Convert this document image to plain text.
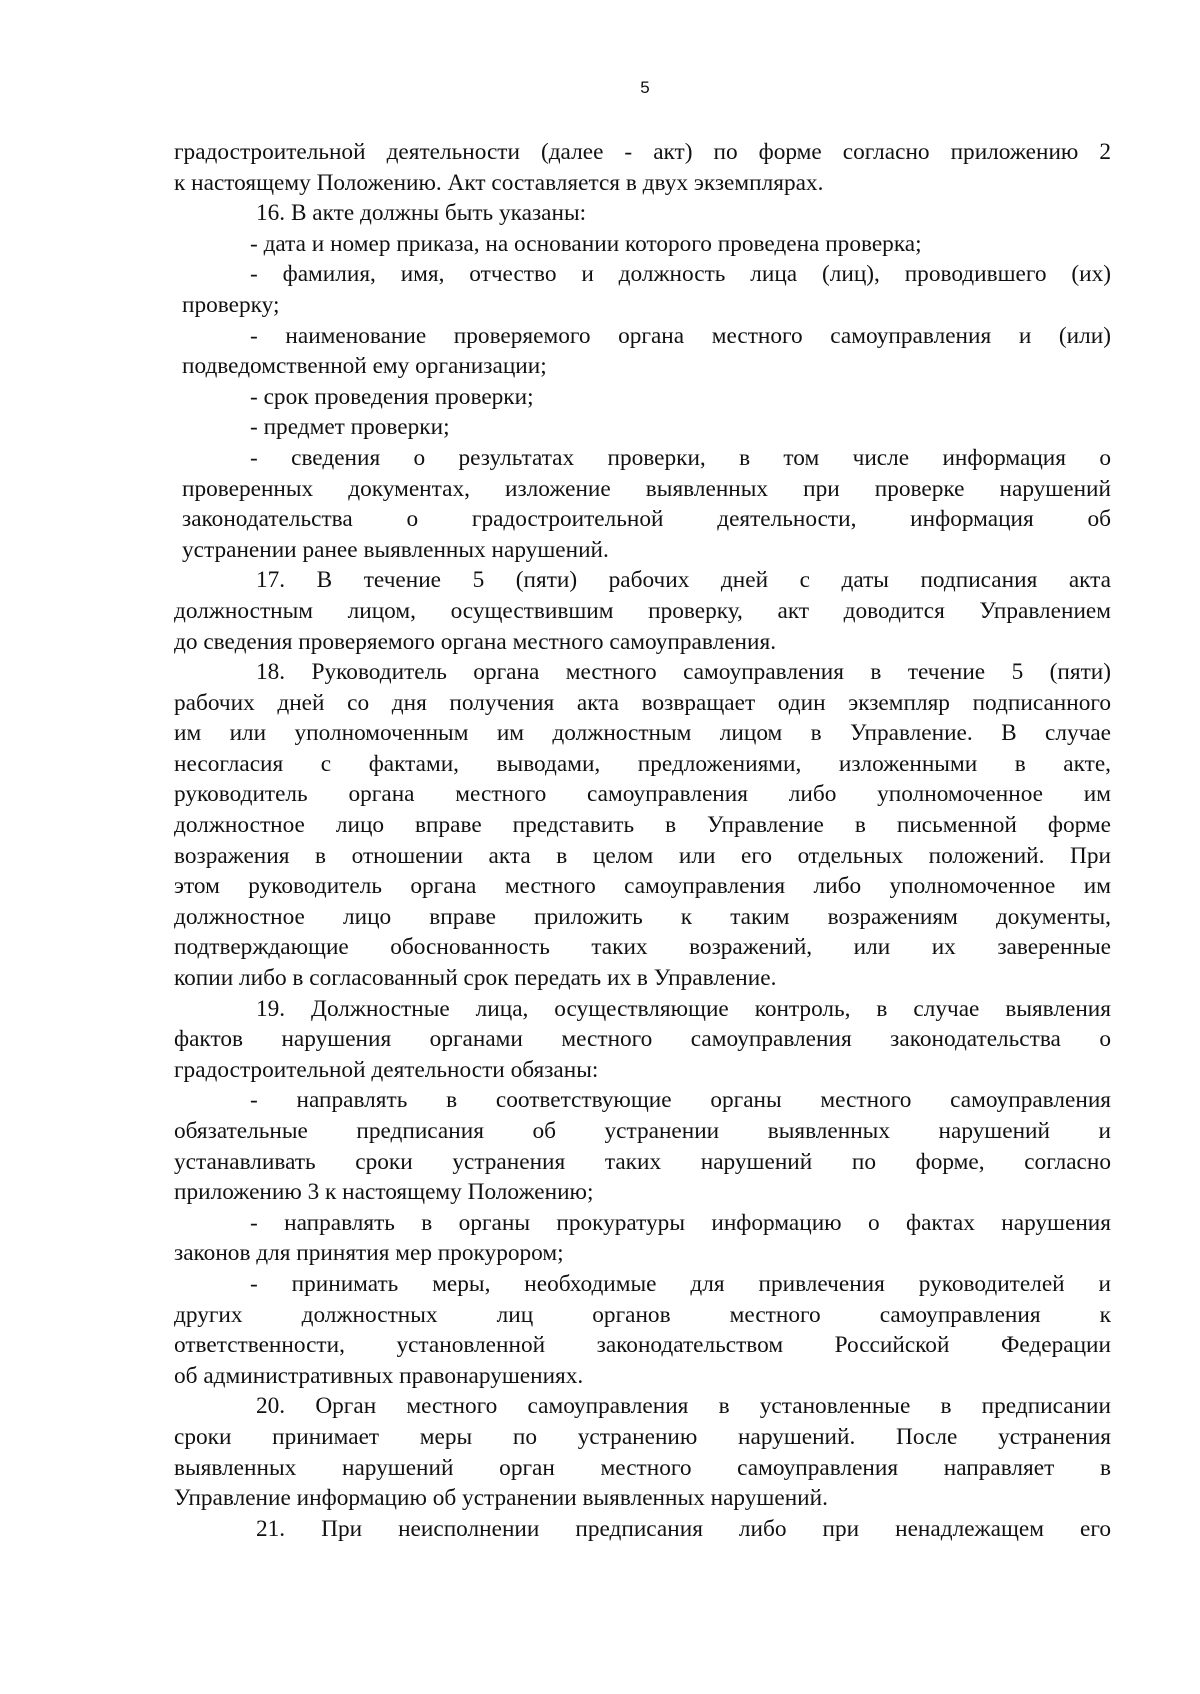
5
градостроительной деятельности (далее - акт) по форме согласно приложению 2
к настоящему Положению. Акт составляется в двух экземплярах.
16. В акте должны быть указаны:
- дата и номер приказа, на основании которого проведена проверка;
- фамилия, имя, отчество и должность лица (лиц), проводившего (их)
проверку;
- наименование проверяемого органа местного самоуправления и (или)
подведомственной ему организации;
- срок проведения проверки;
- предмет проверки;
- сведения о результатах проверки, в том числе информация о
проверенных документах, изложение выявленных при проверке нарушений
законодательства о градостроительной деятельности, информация об
устранении ранее выявленных нарушений.
17. В течение 5 (пяти) рабочих дней с даты подписания акта
должностным лицом, осуществившим проверку, акт доводится Управлением
до сведения проверяемого органа местного самоуправления.
18. Руководитель органа местного самоуправления в течение 5 (пяти)
рабочих дней со дня получения акта возвращает один экземпляр подписанного
им или уполномоченным им должностным лицом в Управление. В случае
несогласия с фактами, выводами, предложениями, изложенными в акте,
руководитель органа местного самоуправления либо уполномоченное им
должностное лицо вправе представить в Управление в письменной форме
возражения в отношении акта в целом или его отдельных положений. При
этом руководитель органа местного самоуправления либо уполномоченное им
должностное лицо вправе приложить к таким возражениям документы,
подтверждающие обоснованность таких возражений, или их заверенные
копии либо в согласованный срок передать их в Управление.
19. Должностные лица, осуществляющие контроль, в случае выявления
фактов нарушения органами местного самоуправления законодательства о
градостроительной деятельности обязаны:
- направлять в соответствующие органы местного самоуправления
обязательные предписания об устранении выявленных нарушений и
устанавливать сроки устранения таких нарушений по форме, согласно
приложению 3 к настоящему Положению;
- направлять в органы прокуратуры информацию о фактах нарушения
законов для принятия мер прокурором;
- принимать меры, необходимые для привлечения руководителей и
других должностных лиц органов местного самоуправления к
ответственности, установленной законодательством Российской Федерации
об административных правонарушениях.
20. Орган местного самоуправления в установленные в предписании
сроки принимает меры по устранению нарушений. После устранения
выявленных нарушений орган местного самоуправления направляет в
Управление информацию об устранении выявленных нарушений.
21. При неисполнении предписания либо при ненадлежащем его
